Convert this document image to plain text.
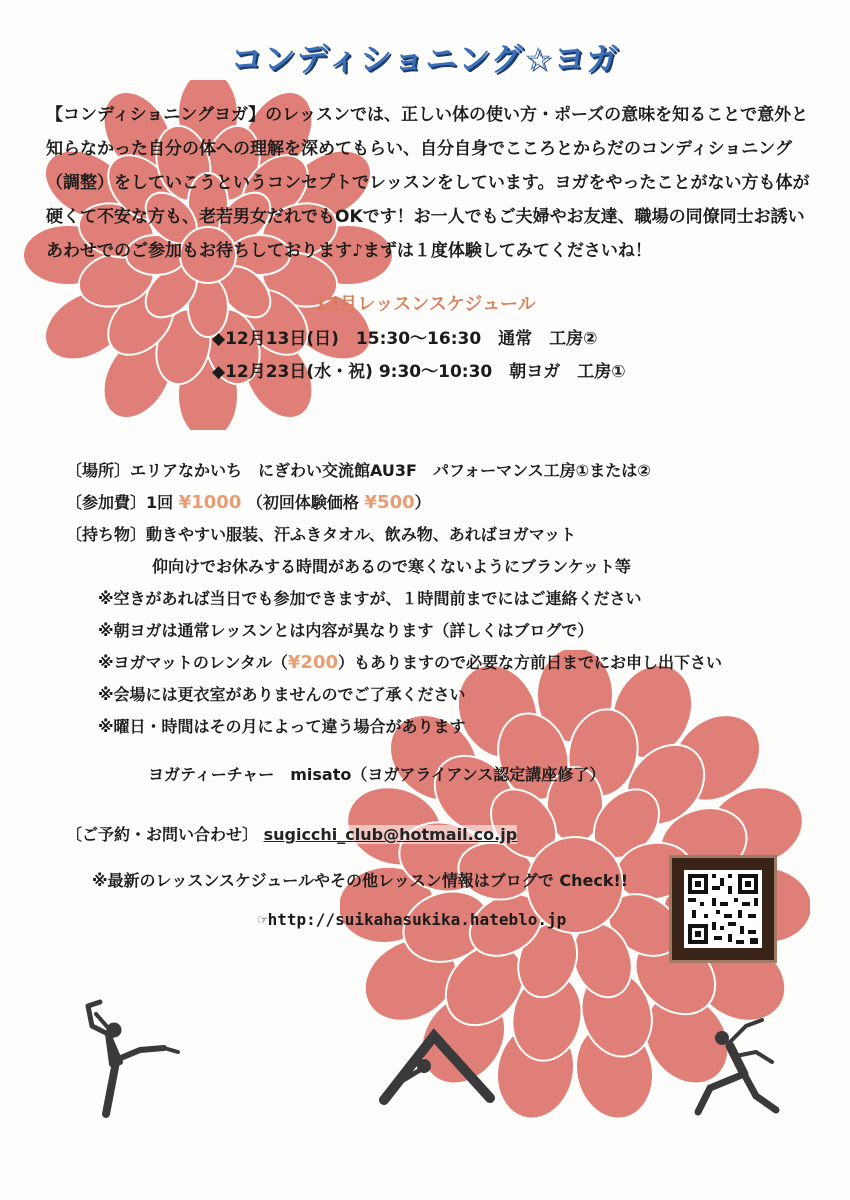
コンディショニング☆ヨガ

【コンディショニングヨガ】のレッスンでは、正しい体の使い方・ポーズの意味を知ることで意外と知らなかった自分の体への理解を深めてもらい、自分自身でこころとからだのコンディショニング（調整）をしていこうというコンセプトでレッスンをしています。ヨガをやったことがない方も体が硬くて不安な方も、老若男女だれでもOKです！お一人でもご夫婦やお友達、職場の同僚同士お誘いあわせでのご参加もお待ちしております♪まずは１度体験してみてくださいね！

12月レッスンスケジュール
◆12月13日(日)　15:30〜16:30　通常　工房②
◆12月23日(水・祝) 9:30〜10:30　朝ヨガ　工房①
〔場所〕エリアなかいち　にぎわい交流館AU3F　パフォーマンス工房①または②
〔参加費〕1回 ¥1000 （初回体験価格 ¥500）
〔持ち物〕動きやすい服装、汗ふきタオル、飲み物、あればヨガマット
仰向けでお休みする時間があるので寒くないようにブランケット等
※空きがあれば当日でも参加できますが、１時間前までにはご連絡ください
※朝ヨガは通常レッスンとは内容が異なります（詳しくはブログで）
※ヨガマットのレンタル（¥200）もありますので必要な方前日までにお申し出下さい
※会場には更衣室がありませんのでご了承ください
※曜日・時間はその月によって違う場合があります
ヨガティーチャー　misato（ヨガアライアンス認定講座修了）
〔ご予約・お問い合わせ〕 sugicchi_club@hotmail.co.jp
※最新のレッスンスケジュールやその他レッスン情報はブログで Check!!
☞http://suikahasukika.hateblo.jp
